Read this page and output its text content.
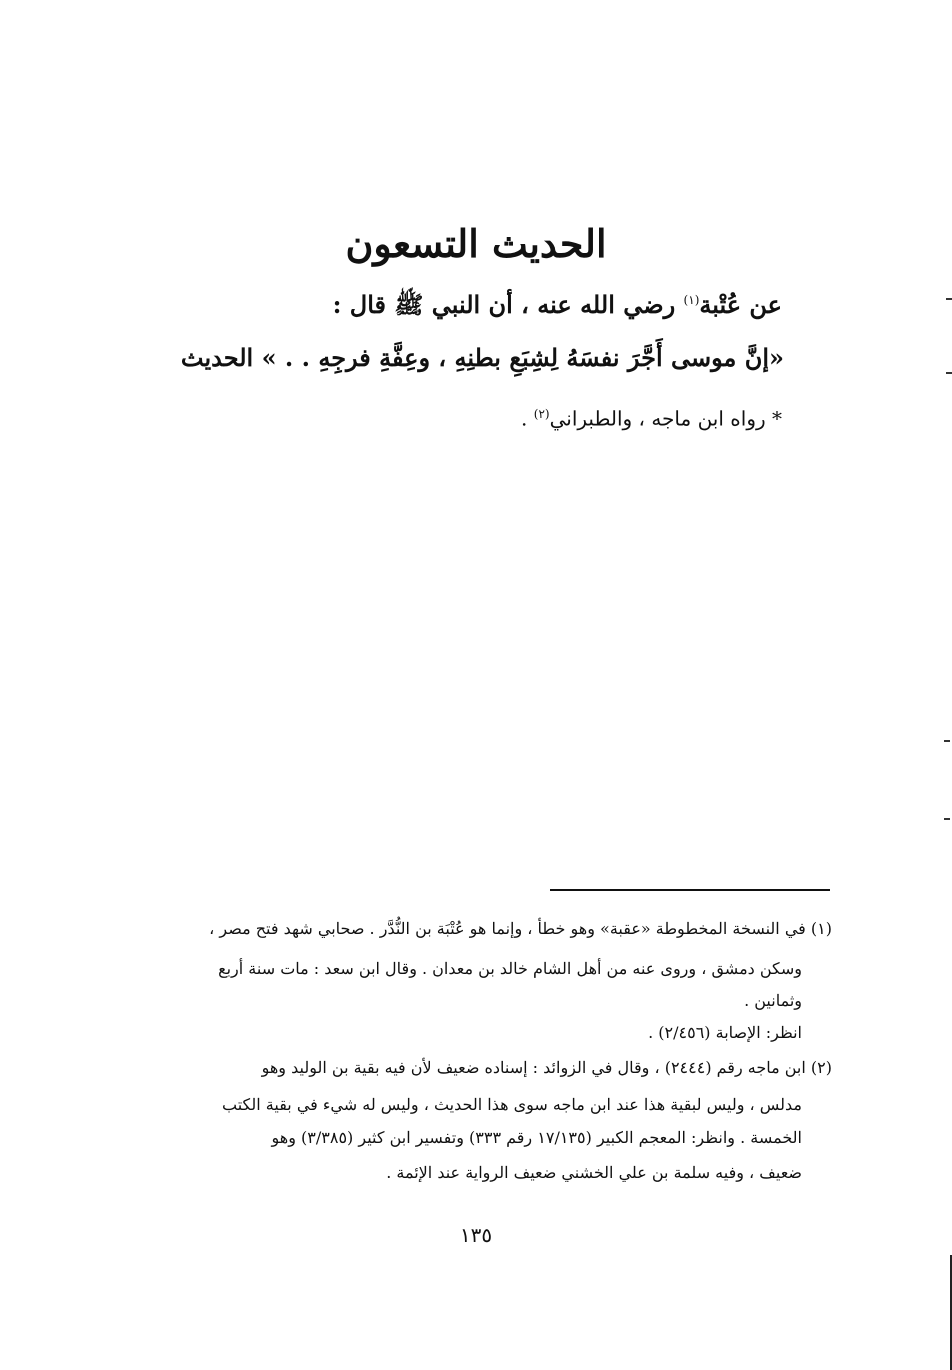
الحديث التسعون
عن عُتْبة$^{(١)}$ رضي الله عنه ، أن النبي ﷺ قال :
«إنَّ موسى أَجَّرَ نفسَهُ لِشِبَعِ بطنِهِ ، وعِفَّةِ فرجِهِ . . » الحديث
* رواه ابن ماجه ، والطبراني$^{(٢)}$ .
(١) في النسخة المخطوطة «عقبة» وهو خطأ ، وإنما هو عُتْبَة بن النُّدَّر . صحابي شهد فتح مصر ،
وسكن دمشق ، وروى عنه من أهل الشام خالد بن معدان . وقال ابن سعد : مات سنة أربع
وثمانين .
انظر: الإصابة (٢/٤٥٦) .
(٢) ابن ماجه رقم (٢٤٤٤) ، وقال في الزوائد : إسناده ضعيف لأن فيه بقية بن الوليد وهو
مدلس ، وليس لبقية هذا عند ابن ماجه سوى هذا الحديث ، وليس له شيء في بقية الكتب
الخمسة . وانظر: المعجم الكبير (١٧/١٣٥ رقم ٣٣٣) وتفسير ابن كثير (٣/٣٨٥) وهو
ضعيف ، وفيه سلمة بن علي الخشني ضعيف الرواية عند الإئمة .
١٣٥
